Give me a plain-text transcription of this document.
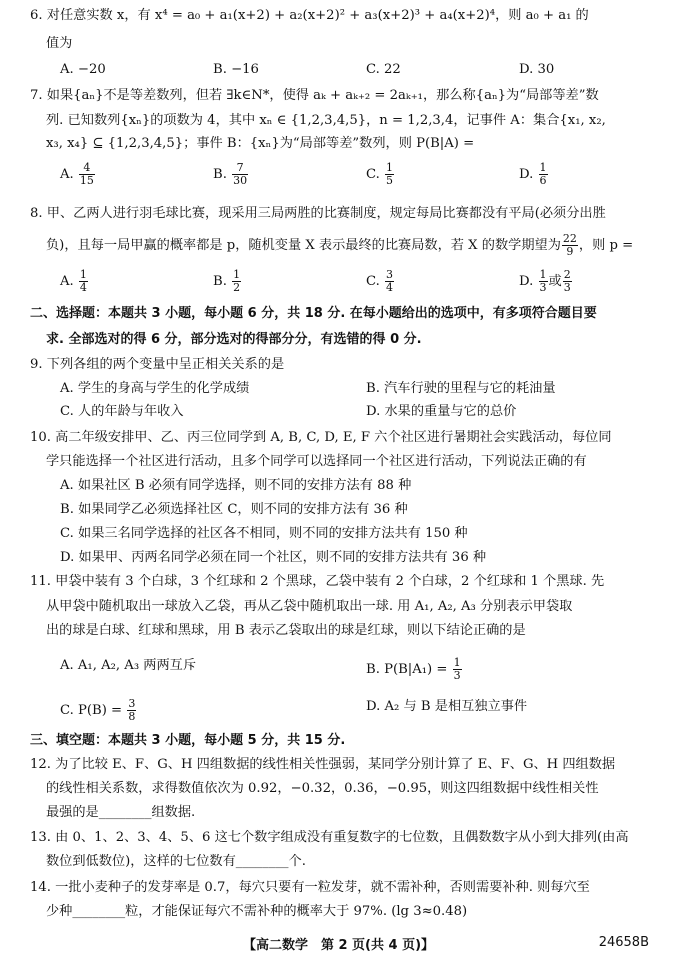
6. 对任意实数 x，有 x⁴ = a₀ + a₁(x+2) + a₂(x+2)² + a₃(x+2)³ + a₄(x+2)⁴，则 a₀ + a₁ 的
值为
A. −20	B. −16	C. 22	D. 30
7. 如果{aₙ}不是等差数列，但若 ∃k∈N*，使得 aₖ + aₖ₊₂ = 2aₖ₊₁，那么称{aₙ}为“局部等差”数
列. 已知数列{xₙ}的项数为 4，其中 xₙ ∈ {1,2,3,4,5}，n = 1,2,3,4，记事件 A：集合{x₁, x₂,
x₃, x₄} ⊆ {1,2,3,4,5}；事件 B：{xₙ}为“局部等差”数列，则 P(B|A) =
A. $\frac{4}{15}$	B. $\frac{7}{30}$	C. $\frac{1}{5}$	D. $\frac{1}{6}$
8. 甲、乙两人进行羽毛球比赛，现采用三局两胜的比赛制度，规定每局比赛都没有平局(必须分出胜
负)，且每一局甲赢的概率都是 p，随机变量 X 表示最终的比赛局数，若 X 的数学期望为 $\frac{22}{9}$ ，则 p =
A. $\frac{1}{4}$	B. $\frac{1}{2}$	C. $\frac{3}{4}$	D. $\frac{1}{3}$ 或 $\frac{2}{3}$
二、选择题：本题共 3 小题，每小题 6 分，共 18 分. 在每小题给出的选项中，有多项符合题目要
求. 全部选对的得 6 分，部分选对的得部分分，有选错的得 0 分.
9. 下列各组的两个变量中呈正相关关系的是
A. 学生的身高与学生的化学成绩	B. 汽车行驶的里程与它的耗油量
C. 人的年龄与年收入	D. 水果的重量与它的总价
10. 高二年级安排甲、乙、丙三位同学到 A, B, C, D, E, F 六个社区进行暑期社会实践活动，每位同
学只能选择一个社区进行活动，且多个同学可以选择同一个社区进行活动，下列说法正确的有
A. 如果社区 B 必须有同学选择，则不同的安排方法有 88 种
B. 如果同学乙必须选择社区 C，则不同的安排方法有 36 种
C. 如果三名同学选择的社区各不相同，则不同的安排方法共有 150 种
D. 如果甲、丙两名同学必须在同一个社区，则不同的安排方法共有 36 种
11. 甲袋中装有 3 个白球，3 个红球和 2 个黑球，乙袋中装有 2 个白球，2 个红球和 1 个黑球. 先
从甲袋中随机取出一球放入乙袋，再从乙袋中随机取出一球. 用 A₁, A₂, A₃ 分别表示甲袋取
出的球是白球、红球和黑球，用 B 表示乙袋取出的球是红球，则以下结论正确的是
A. A₁, A₂, A₃ 两两互斥	B. $P(B|A_1) = \frac{1}{3}$
C. $P(B) = \frac{3}{8}$	D. A₂ 与 B 是相互独立事件
三、填空题：本题共 3 小题，每小题 5 分，共 15 分.
12. 为了比较 E、F、G、H 四组数据的线性相关性强弱，某同学分别计算了 E、F、G、H 四组数据
的线性相关系数，求得数值依次为 0.92，−0.32，0.36，−0.95，则这四组数据中线性相关性
最强的是________组数据.
13. 由 0、1、2、3、4、5、6 这七个数字组成没有重复数字的七位数，且偶数数字从小到大排列(由高
数位到低数位)，这样的七位数有________个.
14. 一批小麦种子的发芽率是 0.7，每穴只要有一粒发芽，就不需补种，否则需要补种. 则每穴至
少种________粒，才能保证每穴不需补种的概率大于 97%. (lg 3≈0.48)
【高二数学　第 2 页(共 4 页)】	24658B
